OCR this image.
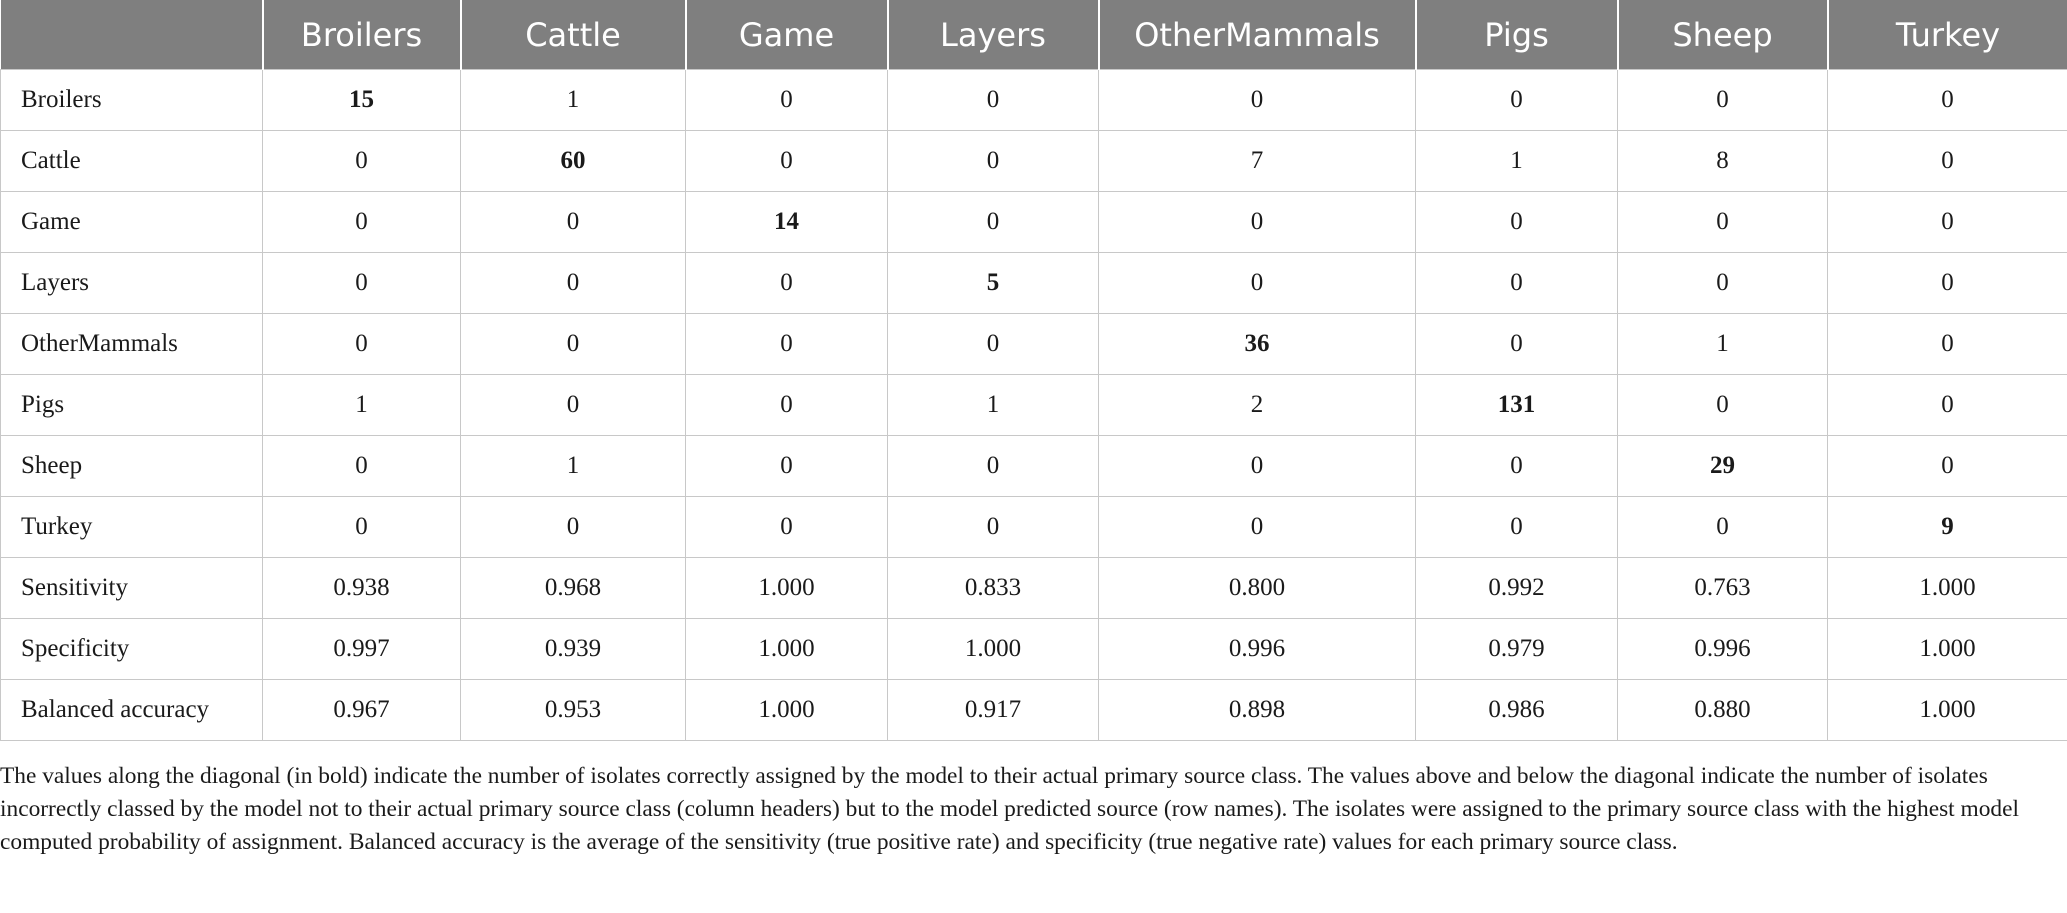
	Broilers	Cattle	Game	Layers	OtherMammals	Pigs	Sheep	Turkey
Broilers	15	1	0	0	0	0	0	0
Cattle	0	60	0	0	7	1	8	0
Game	0	0	14	0	0	0	0	0
Layers	0	0	0	5	0	0	0	0
OtherMammals	0	0	0	0	36	0	1	0
Pigs	1	0	0	1	2	131	0	0
Sheep	0	1	0	0	0	0	29	0
Turkey	0	0	0	0	0	0	0	9
Sensitivity	0.938	0.968	1.000	0.833	0.800	0.992	0.763	1.000
Specificity	0.997	0.939	1.000	1.000	0.996	0.979	0.996	1.000
Balanced accuracy	0.967	0.953	1.000	0.917	0.898	0.986	0.880	1.000

The values along the diagonal (in bold) indicate the number of isolates correctly assigned by the model to their actual primary source class. The values above and below the diagonal indicate the number of isolates incorrectly classed by the model not to their actual primary source class (column headers) but to the model predicted source (row names). The isolates were assigned to the primary source class with the highest model computed probability of assignment. Balanced accuracy is the average of the sensitivity (true positive rate) and specificity (true negative rate) values for each primary source class.
